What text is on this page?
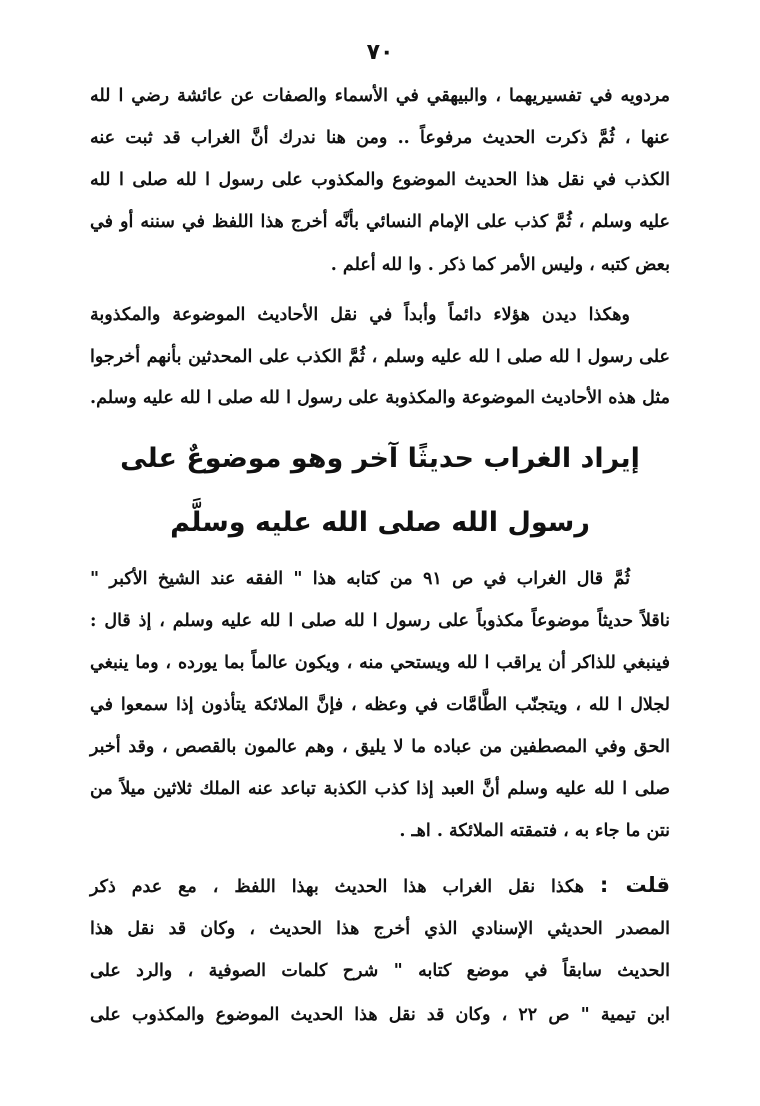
٧٠
مردويه في تفسيريهما ، والبيهقي في الأسماء والصفات عن عائشة رضي ا لله
عنها ، ثُمَّ ذكرت الحديث مرفوعاً .. ومن هنا ندرك أنَّ الغراب قد ثبت عنه
الكذب في نقل هذا الحديث الموضوع والمكذوب على رسول ا لله صلى ا لله
عليه وسلم ، ثُمَّ كذب على الإمام النسائي بأنَّه أخرج هذا اللفظ في سننه أو في
بعض كتبه ، وليس الأمر كما ذكر . وا لله أعلم .
وهكذا ديدن هؤلاء دائماً وأبداً في نقل الأحاديث الموضوعة والمكذوبة
على رسول ا لله صلى ا لله عليه وسلم ، ثُمَّ الكذب على المحدثين بأنهم أخرجوا
مثل هذه الأحاديث الموضوعة والمكذوبة على رسول ا لله صلى ا لله عليه وسلم.
إيراد الغراب حديثًا آخر وهو موضوعٌ على
رسول الله صلى الله عليه وسلَّم
ثُمَّ قال الغراب في ص ٩١ من كتابه هذا " الفقه عند الشيخ الأكبر "
ناقلاً حديثاً موضوعاً مكذوباً على رسول ا لله صلى ا لله عليه وسلم ، إذ قال :
فينبغي للذاكر أن يراقب ا لله ويستحي منه ، ويكون عالماً بما يورده ، وما ينبغي
لجلال ا لله ، ويتجنّب الطَّامَّات في وعظه ، فإنَّ الملائكة يتأذون إذا سمعوا في
الحق وفي المصطفين من عباده ما لا يليق ، وهم عالمون بالقصص ، وقد أخبر
صلى ا لله عليه وسلم أنَّ العبد إذا كذب الكذبة تباعد عنه الملك ثلاثين ميلاً من
نتن ما جاء به ، فتمقته الملائكة . اهـ .
قلت : هكذا نقل الغراب هذا الحديث بهذا اللفظ ، مع عدم ذكر
المصدر الحديثي الإسنادي الذي أخرج هذا الحديث ، وكان قد نقل هذا
الحديث سابقاً في موضع كتابه " شرح كلمات الصوفية ، والرد على
ابن تيمية " ص ٢٢ ، وكان قد نقل هذا الحديث الموضوع والمكذوب على
